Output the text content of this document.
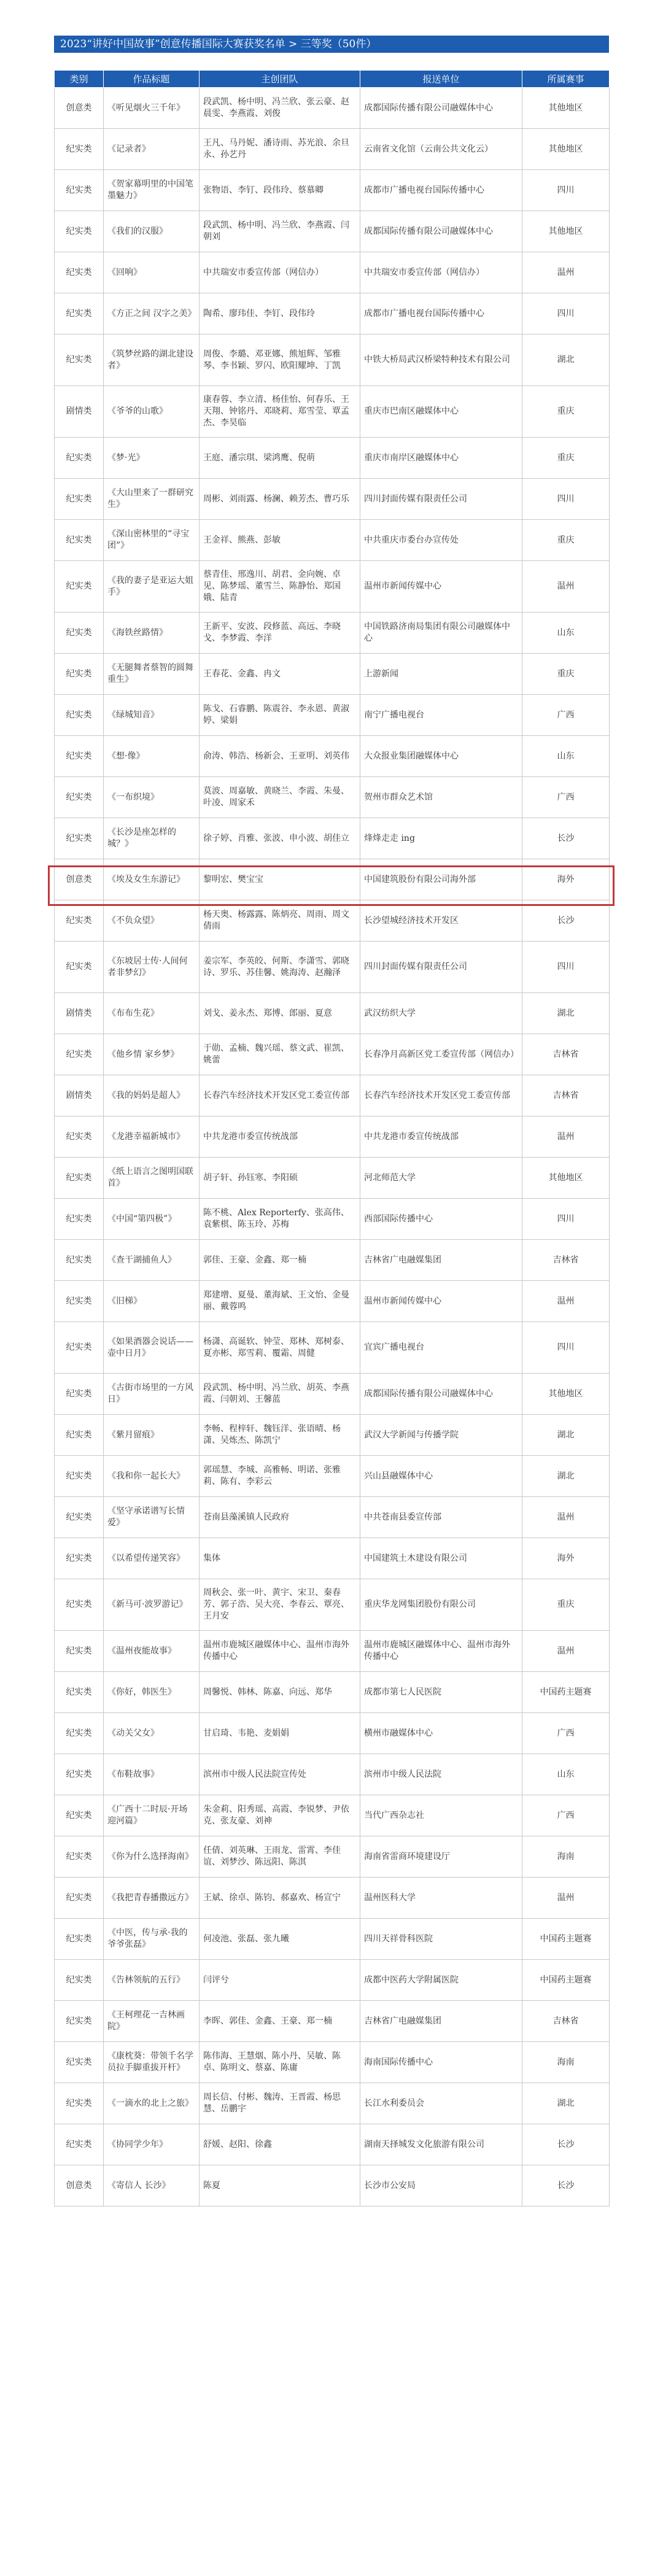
2023“讲好中国故事”创意传播国际大赛获奖名单 > 三等奖（50件）
类别	作品标题	主创团队	报送单位	所属赛事
创意类	《听见烟火三千年》	段武凯、杨中明、冯兰欣、张云豪、赵晨雯、李燕霞、刘俊	成都国际传播有限公司融媒体中心	其他地区
纪实类	《记录者》	王凡、马丹妮、潘诗雨、苏光浪、余旦永、孙艺丹	云南省文化馆（云南公共文化云）	其他地区
纪实类	《贺家幕明里的中国笔墨魅力》	张物语、李钉、段伟玲、蔡慕卿	成都市广播电视台国际传播中心	四川
纪实类	《我们的汉服》	段武凯、杨中明、冯兰欣、李燕霞、闫朝刘	成都国际传播有限公司融媒体中心	其他地区
纪实类	《回响》	中共瑞安市委宣传部（网信办）	中共瑞安市委宣传部（网信办）	温州
纪实类	《方正之间 汉字之美》	陶希、廖玮佳、李钉、段伟玲	成都市广播电视台国际传播中心	四川
纪实类	《筑梦丝路的湖北建设者》	周俊、李璐、邓亚娜、熊旭辉、邹雅琴、李书颖、罗闪、欧阳耀坤、丁凯	中铁大桥局武汉桥梁特种技术有限公司	湖北
剧情类	《爷爷的山歌》	康春蓉、李立清、杨佳怡、何春乐、王天翔、钟铭丹、邓晓莉、郑雪莹、覃孟杰、李昊临	重庆市巴南区融媒体中心	重庆
纪实类	《梦·光》	王庭、潘宗琪、梁鸿鹰、倪萌	重庆市南岸区融媒体中心	重庆
纪实类	《大山里来了一群研究生》	周彬、刘雨露、杨澜、赖芳杰、曹巧乐	四川封面传媒有限责任公司	四川
纪实类	《深山密林里的“寻宝团”》	王金祥、熊燕、彭敏	中共重庆市委台办宣传处	重庆
纪实类	《我的妻子是亚运大姐手》	蔡青佳、邢逸川、胡君、金向婉、卓见、陈梦瑶、董雪兰、陈静怡、郑国娥、陆青	温州市新闻传媒中心	温州
纪实类	《海铁丝路情》	王新平、安波、段修蓝、高远、李晓戈、李梦霞、李洋	中国铁路济南局集团有限公司融媒体中心	山东
纪实类	《无腿舞者蔡智的圆舞重生》	王春花、金鑫、冉文	上游新闻	重庆
纪实类	《绿城知音》	陈戈、石睿鹏、陈震谷、李永恩、黄淑婷、梁娟	南宁广播电视台	广西
纪实类	《想·像》	俞涛、韩浩、杨新会、王亚明、刘英伟	大众报业集团融媒体中心	山东
纪实类	《一布织境》	莫波、周嘉敏、黄晓兰、李霞、朱曼、叶凌、周家禾	贺州市群众艺术馆	广西
纪实类	《长沙是座怎样的城？》	徐子婷、肖雅、张波、申小波、胡佳立	烽烽走走 ing	长沙
创意类	《埃及女生东游记》	黎明宏、樊宝宝	中国建筑股份有限公司海外部	海外
纪实类	《不负众望》	杨天奥、杨露露、陈炳亮、周雨、周文倩雨	长沙望城经济技术开发区	长沙
纪实类	《东坡居士传·人间何者非梦幻》	姜宗军、李英皎、何斯、李潇雪、郭晓诗、罗乐、苏佳馨、姚海涛、赵瀚泽	四川封面传媒有限责任公司	四川
剧情类	《布布生花》	刘戈、姜永杰、郑博、郎丽、夏意	武汉纺织大学	湖北
纪实类	《他乡情 家乡梦》	于勋、孟楠、魏兴瑶、蔡文武、崔凯、姚蕾	长春净月高新区党工委宣传部（网信办）	吉林省
剧情类	《我的妈妈是超人》	长春汽车经济技术开发区党工委宣传部	长春汽车经济技术开发区党工委宣传部	吉林省
纪实类	《龙港幸福新城市》	中共龙港市委宣传统战部	中共龙港市委宣传统战部	温州
纪实类	《纸上语言之图明国联首》	胡子轩、孙钰寒、李阳硕	河北师范大学	其他地区
纪实类	《中国“第四极”》	陈不桃、Alex Reporterfy、张高伟、袁紫棋、陈玉玲、苏梅	西部国际传播中心	四川
纪实类	《查干湖捕鱼人》	郭佳、王豪、金鑫、郑一楠	吉林省广电融媒集团	吉林省
纪实类	《旧梯》	郑建增、夏曼、董海斌、王文怡、金曼丽、戴蓉鸣	温州市新闻传媒中心	温州
纪实类	《如果酒器会说话——壶中日月》	杨潇、高诞软、钟莹、郑林、郑树泰、夏亦彬、郑雪莉、覆霜、周健	宜宾广播电视台	四川
纪实类	《古街市场里的一方风日》	段武凯、杨中明、冯兰欣、胡英、李燕霞、闫朝刘、王馨蓝	成都国际传播有限公司融媒体中心	其他地区
纪实类	《紫月留痕》	李畅、程梓轩、魏钰洋、张语晴、杨潇、吴炼杰、陈凯宁	武汉大学新闻与传播学院	湖北
纪实类	《我和你一起长大》	郭瑶慧、李城、高雅畅、明诺、张雅莉、陈有、李彩云	兴山县融媒体中心	湖北
纪实类	《坚守承诺谱写长情爱》	苍南县藻溪镇人民政府	中共苍南县委宣传部	温州
纪实类	《以希望传递笑容》	集体	中国建筑土木建设有限公司	海外
纪实类	《新马可·波罗游记》	周秋会、张一叶、黄宇、宋卫、秦春芳、郭子浩、吴大亮、李春云、覃亮、王月安	重庆华龙网集团股份有限公司	重庆
纪实类	《温州夜能故事》	温州市鹿城区融媒体中心、温州市海外传播中心	温州市鹿城区融媒体中心、温州市海外传播中心	温州
纪实类	《你好，韩医生》	周馨悦、韩林、陈嘉、向远、郑华	成都市第七人民医院	中国药主题赛
纪实类	《动关父女》	甘启琦、韦艳、麦娟娟	横州市融媒体中心	广西
纪实类	《布鞋故事》	滨州市中级人民法院宣传处	滨州市中级人民法院	山东
纪实类	《广西十二时辰·开场迎河篇》	朱金莉、阳秀瑶、高霞、李锐梦、尹依克、张友豪、刘神	当代广西杂志社	广西
纪实类	《你为什么选择海南》	任倩、刘英琳、王雨龙、雷霄、李佳谊、刘梦沙、陈远阳、陈淇	海南省雷商环境建设厅	海南
纪实类	《我把青春播撒远方》	王斌、徐卓、陈钧、郝嘉欢、杨宣宁	温州医科大学	温州
纪实类	《中医，传与承·我的爷爷张磊》	何凌池、张磊、张九曦	四川天祥骨科医院	中国药主题赛
纪实类	《告林领航的五行》	闫评兮	成都中医药大学附属医院	中国药主题赛
纪实类	《王柯理花一吉林画院》	李晖、郭佳、金鑫、王豪、郑一楠	吉林省广电融媒集团	吉林省
纪实类	《康枕葵：带领千名学员拉手脚重拔开杆》	陈伟海、王慧烟、陈小丹、吴敏、陈卓、陈明文、蔡嘉、陈庸	海南国际传播中心	海南
纪实类	《一滴水的北上之旅》	周长信、付彬、魏涛、王晋霞、杨思慧、岳鹏宇	长江水利委员会	湖北
纪实类	《协同学少年》	舒媛、赵阳、徐鑫	湖南天择城发文化旅游有限公司	长沙
创意类	《寄信人 长沙》	陈夏	长沙市公安局	长沙
